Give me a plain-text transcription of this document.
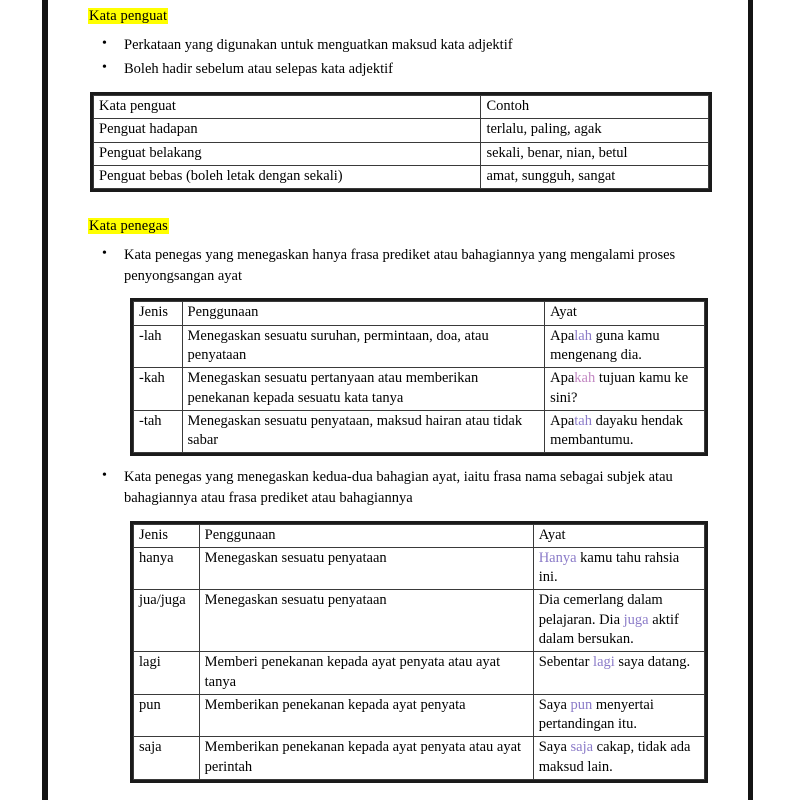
Kata penguat
• Perkataan yang digunakan untuk menguatkan maksud kata adjektif
• Boleh hadir sebelum atau selepas kata adjektif
Kata penguat	Contoh
Penguat hadapan	terlalu, paling, agak
Penguat belakang	sekali, benar, nian, betul
Penguat bebas (boleh letak dengan sekali)	amat, sungguh, sangat
Kata penegas
• Kata penegas yang menegaskan hanya frasa prediket atau bahagiannya yang mengalami proses penyongsangan ayat
Jenis	Penggunaan	Ayat
-lah	Menegaskan sesuatu suruhan, permintaan, doa, atau penyataan	Apalah guna kamu mengenang dia.
-kah	Menegaskan sesuatu pertanyaan atau memberikan penekanan kepada sesuatu kata tanya	Apakah tujuan kamu ke sini?
-tah	Menegaskan sesuatu penyataan, maksud hairan atau tidak sabar	Apatah dayaku hendak membantumu.
• Kata penegas yang menegaskan kedua-dua bahagian ayat, iaitu frasa nama sebagai subjek atau bahagiannya atau frasa prediket atau bahagiannya
Jenis	Penggunaan	Ayat
hanya	Menegaskan sesuatu penyataan	Hanya kamu tahu rahsia ini.
jua/juga	Menegaskan sesuatu penyataan	Dia cemerlang dalam pelajaran. Dia juga aktif dalam bersukan.
lagi	Memberi penekanan kepada ayat penyata atau ayat tanya	Sebentar lagi saya datang.
pun	Memberikan penekanan kepada ayat penyata	Saya pun menyertai pertandingan itu.
saja	Memberikan penekanan kepada ayat penyata atau ayat perintah	Saya saja cakap, tidak ada maksud lain.
